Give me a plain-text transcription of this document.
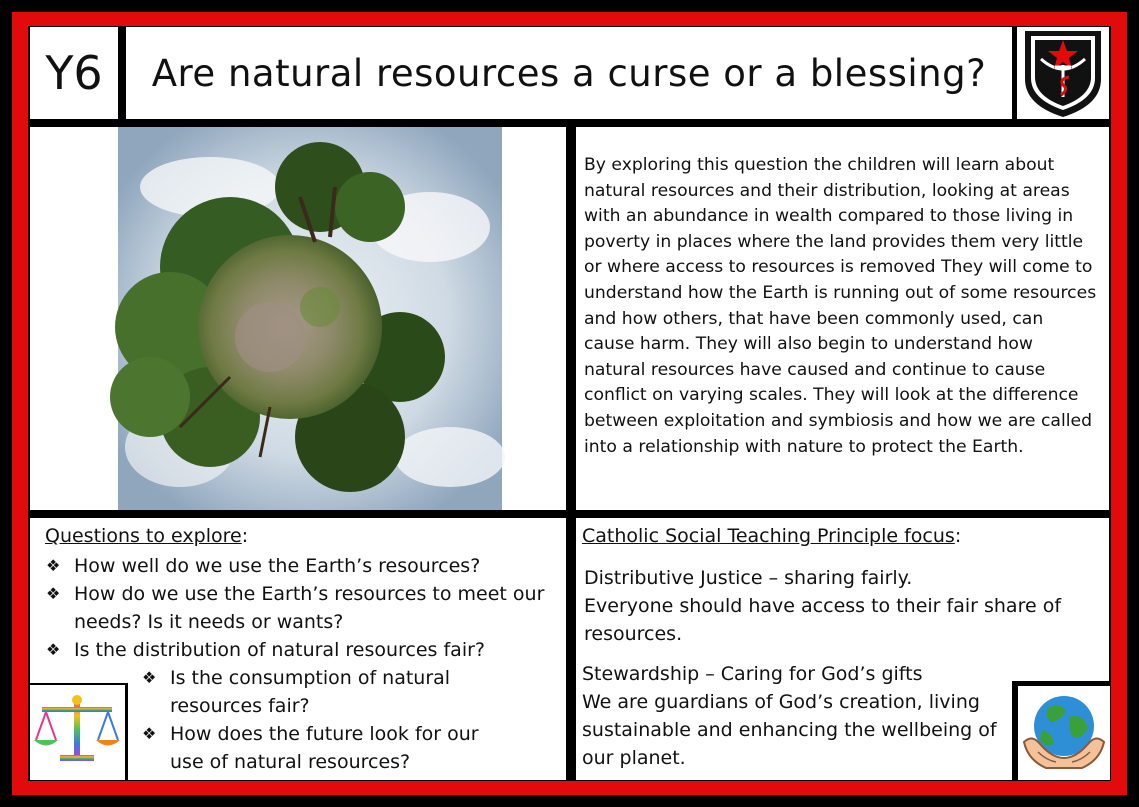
Y6 Are natural resources a curse or a blessing?

By exploring this question the children will learn about natural resources and their distribution, looking at areas with an abundance in wealth compared to those living in poverty in places where the land provides them very little or where access to resources is removed They will come to understand how the Earth is running out of some resources and how others, that have been commonly used, can cause harm. They will also begin to understand how natural resources have caused and continue to cause conflict on varying scales. They will look at the difference between exploitation and symbiosis and how we are called into a relationship with nature to protect the Earth.

Questions to explore:
❖ How well do we use the Earth’s resources?
❖ How do we use the Earth’s resources to meet our needs? Is it needs or wants?
❖ Is the distribution of natural resources fair?
❖ Is the consumption of natural resources fair?
❖ How does the future look for our use of natural resources?
Catholic Social Teaching Principle focus:
Distributive Justice – sharing fairly.
Everyone should have access to their fair share of resources.
Stewardship – Caring for God’s gifts
We are guardians of God’s creation, living sustainable and enhancing the wellbeing of our planet.
